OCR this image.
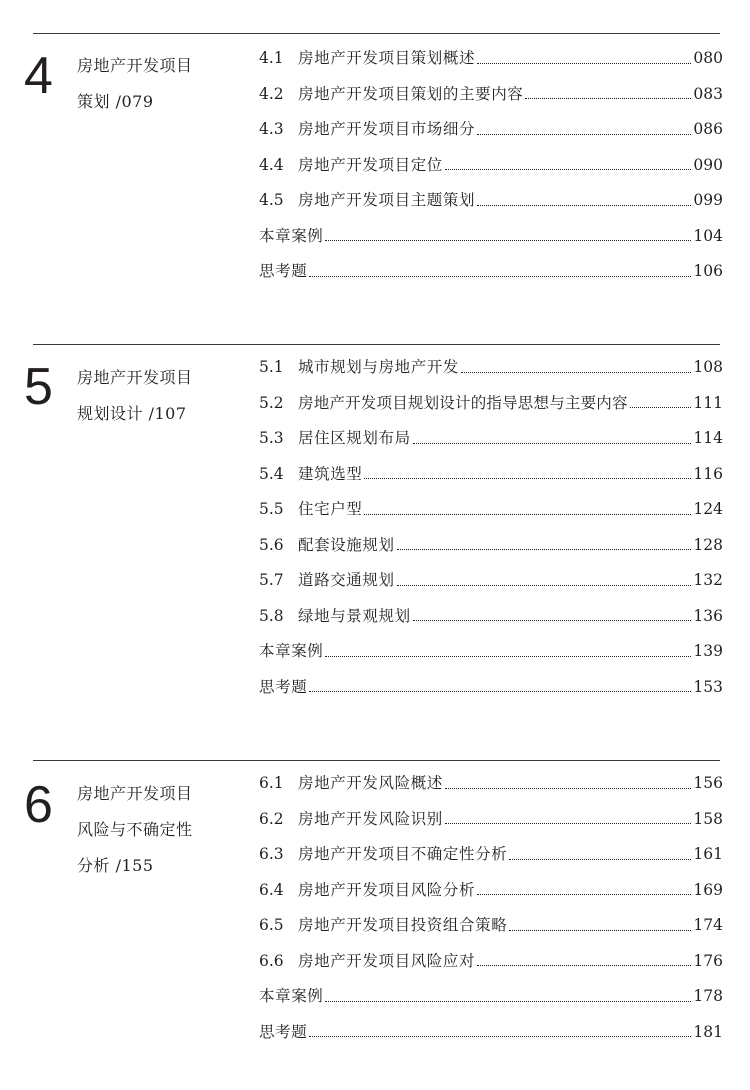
4 房地产开发项目
策划 /079
4.1 房地产开发项目策划概述	080
4.2 房地产开发项目策划的主要内容	083
4.3 房地产开发项目市场细分	086
4.4 房地产开发项目定位	090
4.5 房地产开发项目主题策划	099
本章案例	104
思考题	106
5 房地产开发项目
规划设计 /107
5.1 城市规划与房地产开发	108
5.2 房地产开发项目规划设计的指导思想与主要内容	111
5.3 居住区规划布局	114
5.4 建筑选型	116
5.5 住宅户型	124
5.6 配套设施规划	128
5.7 道路交通规划	132
5.8 绿地与景观规划	136
本章案例	139
思考题	153
6 房地产开发项目
风险与不确定性
分析 /155
6.1 房地产开发风险概述	156
6.2 房地产开发风险识别	158
6.3 房地产开发项目不确定性分析	161
6.4 房地产开发项目风险分析	169
6.5 房地产开发项目投资组合策略	174
6.6 房地产开发项目风险应对	176
本章案例	178
思考题	181
